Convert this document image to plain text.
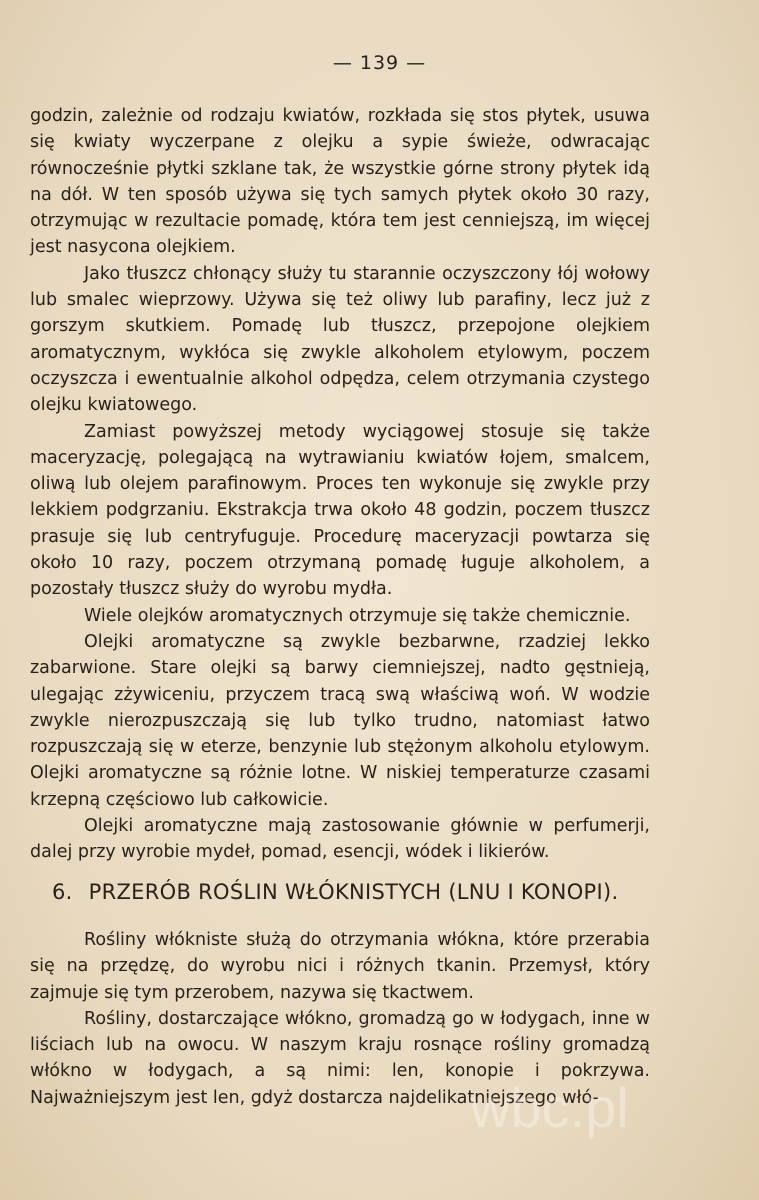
— 139 —

godzin, zależnie od rodzaju kwiatów, rozkłada się stos płytek, usuwa się kwiaty wyczerpane z olejku a sypie świeże, odwracając równocześnie płytki szklane tak, że wszystkie górne strony płytek idą na dół. W ten sposób używa się tych samych płytek około 30 razy, otrzymując w rezultacie pomadę, która tem jest cenniejszą, im więcej jest nasycona olejkiem.

Jako tłuszcz chłonący służy tu starannie oczyszczony łój wołowy lub smalec wieprzowy. Używa się też oliwy lub parafiny, lecz już z gorszym skutkiem. Pomadę lub tłuszcz, przepojone olejkiem aromatycznym, wykłóca się zwykle alkoholem etylowym, poczem oczyszcza i ewentualnie alkohol odpędza, celem otrzymania czystego olejku kwiatowego.

Zamiast powyższej metody wyciągowej stosuje się także maceryzację, polegającą na wytrawianiu kwiatów łojem, smalcem, oliwą lub olejem parafinowym. Proces ten wykonuje się zwykle przy lekkiem podgrzaniu. Ekstrakcja trwa około 48 godzin, poczem tłuszcz prasuje się lub centryfuguje. Procedurę maceryzacji powtarza się około 10 razy, poczem otrzymaną pomadę ługuje alkoholem, a pozostały tłuszcz służy do wyrobu mydła.

Wiele olejków aromatycznych otrzymuje się także chemicznie.

Olejki aromatyczne są zwykle bezbarwne, rzadziej lekko zabarwione. Stare olejki są barwy ciemniejszej, nadto gęstnieją, ulegając zżywiceniu, przyczem tracą swą właściwą woń. W wodzie zwykle nierozpuszczają się lub tylko trudno, natomiast łatwo rozpuszczają się w eterze, benzynie lub stężonym alkoholu etylowym. Olejki aromatyczne są różnie lotne. W niskiej temperaturze czasami krzepną częściowo lub całkowicie.

Olejki aromatyczne mają zastosowanie głównie w perfumerji, dalej przy wyrobie mydeł, pomad, esencji, wódek i likierów.

6. PRZERÓB ROŚLIN WŁÓKNISTYCH (LNU I KONOPI).

Rośliny włókniste służą do otrzymania włókna, które przerabia się na przędzę, do wyrobu nici i różnych tkanin. Przemysł, który zajmuje się tym przerobem, nazywa się tkactwem.

Rośliny, dostarczające włókno, gromadzą go w łodygach, inne w liściach lub na owocu. W naszym kraju rosnące rośliny gromadzą włókno w łodygach, a są nimi: len, konopie i pokrzywa. Najważniejszym jest len, gdyż dostarcza najdelikatniejszego włó-

wbc.pl
